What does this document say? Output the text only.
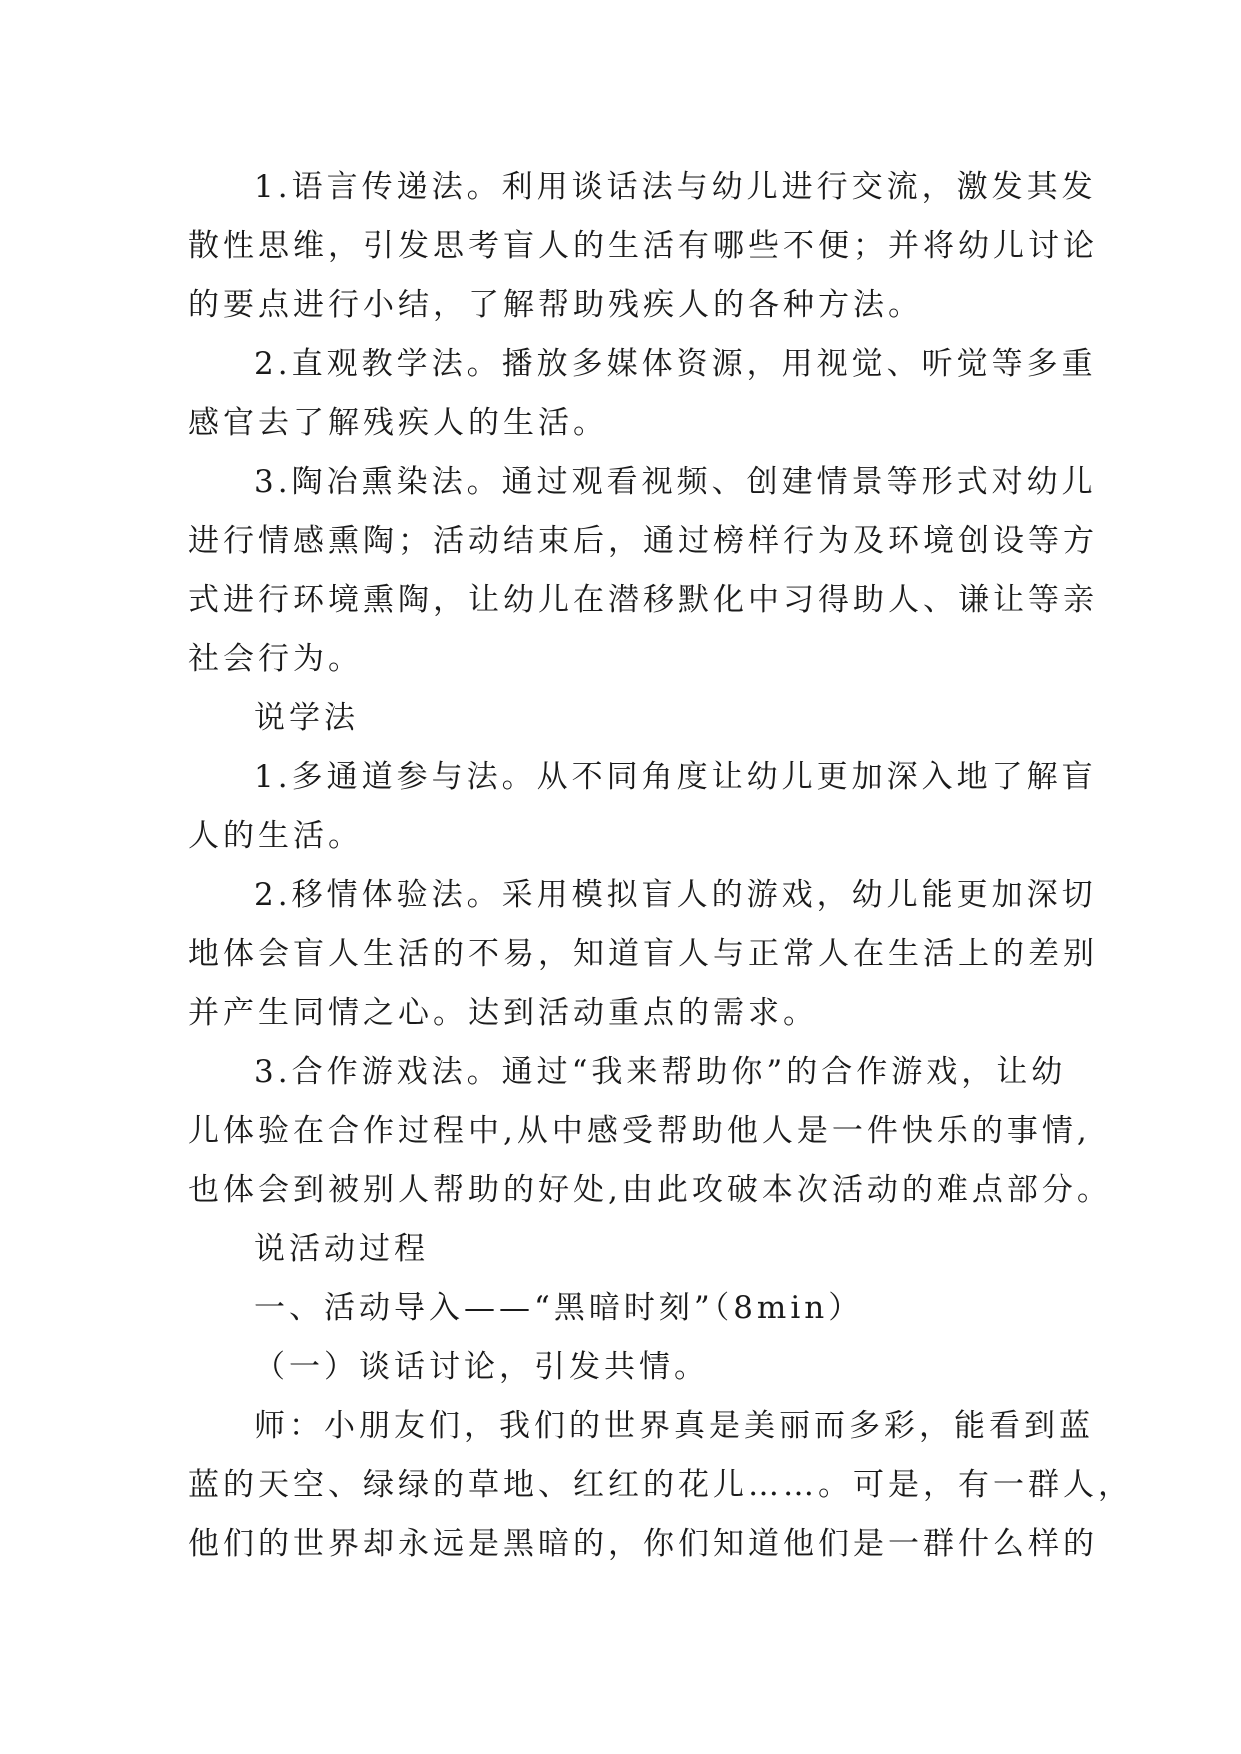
1.语言传递法。利用谈话法与幼儿进行交流，激发其发
散性思维，引发思考盲人的生活有哪些不便；并将幼儿讨论
的要点进行小结，了解帮助残疾人的各种方法。
2.直观教学法。播放多媒体资源，用视觉、听觉等多重
感官去了解残疾人的生活。
3.陶冶熏染法。通过观看视频、创建情景等形式对幼儿
进行情感熏陶；活动结束后，通过榜样行为及环境创设等方
式进行环境熏陶，让幼儿在潜移默化中习得助人、谦让等亲
社会行为。
说学法
1.多通道参与法。从不同角度让幼儿更加深入地了解盲
人的生活。
2.移情体验法。采用模拟盲人的游戏，幼儿能更加深切
地体会盲人生活的不易，知道盲人与正常人在生活上的差别
并产生同情之心。达到活动重点的需求。
3.合作游戏法。通过“我来帮助你”的合作游戏，让幼
儿体验在合作过程中,从中感受帮助他人是一件快乐的事情,
也体会到被别人帮助的好处,由此攻破本次活动的难点部分。
说活动过程
一、活动导入——“黑暗时刻”（8min）
（一）谈话讨论，引发共情。
师：小朋友们，我们的世界真是美丽而多彩，能看到蓝
蓝的天空、绿绿的草地、红红的花儿……。可是，有一群人，
他们的世界却永远是黑暗的，你们知道他们是一群什么样的
